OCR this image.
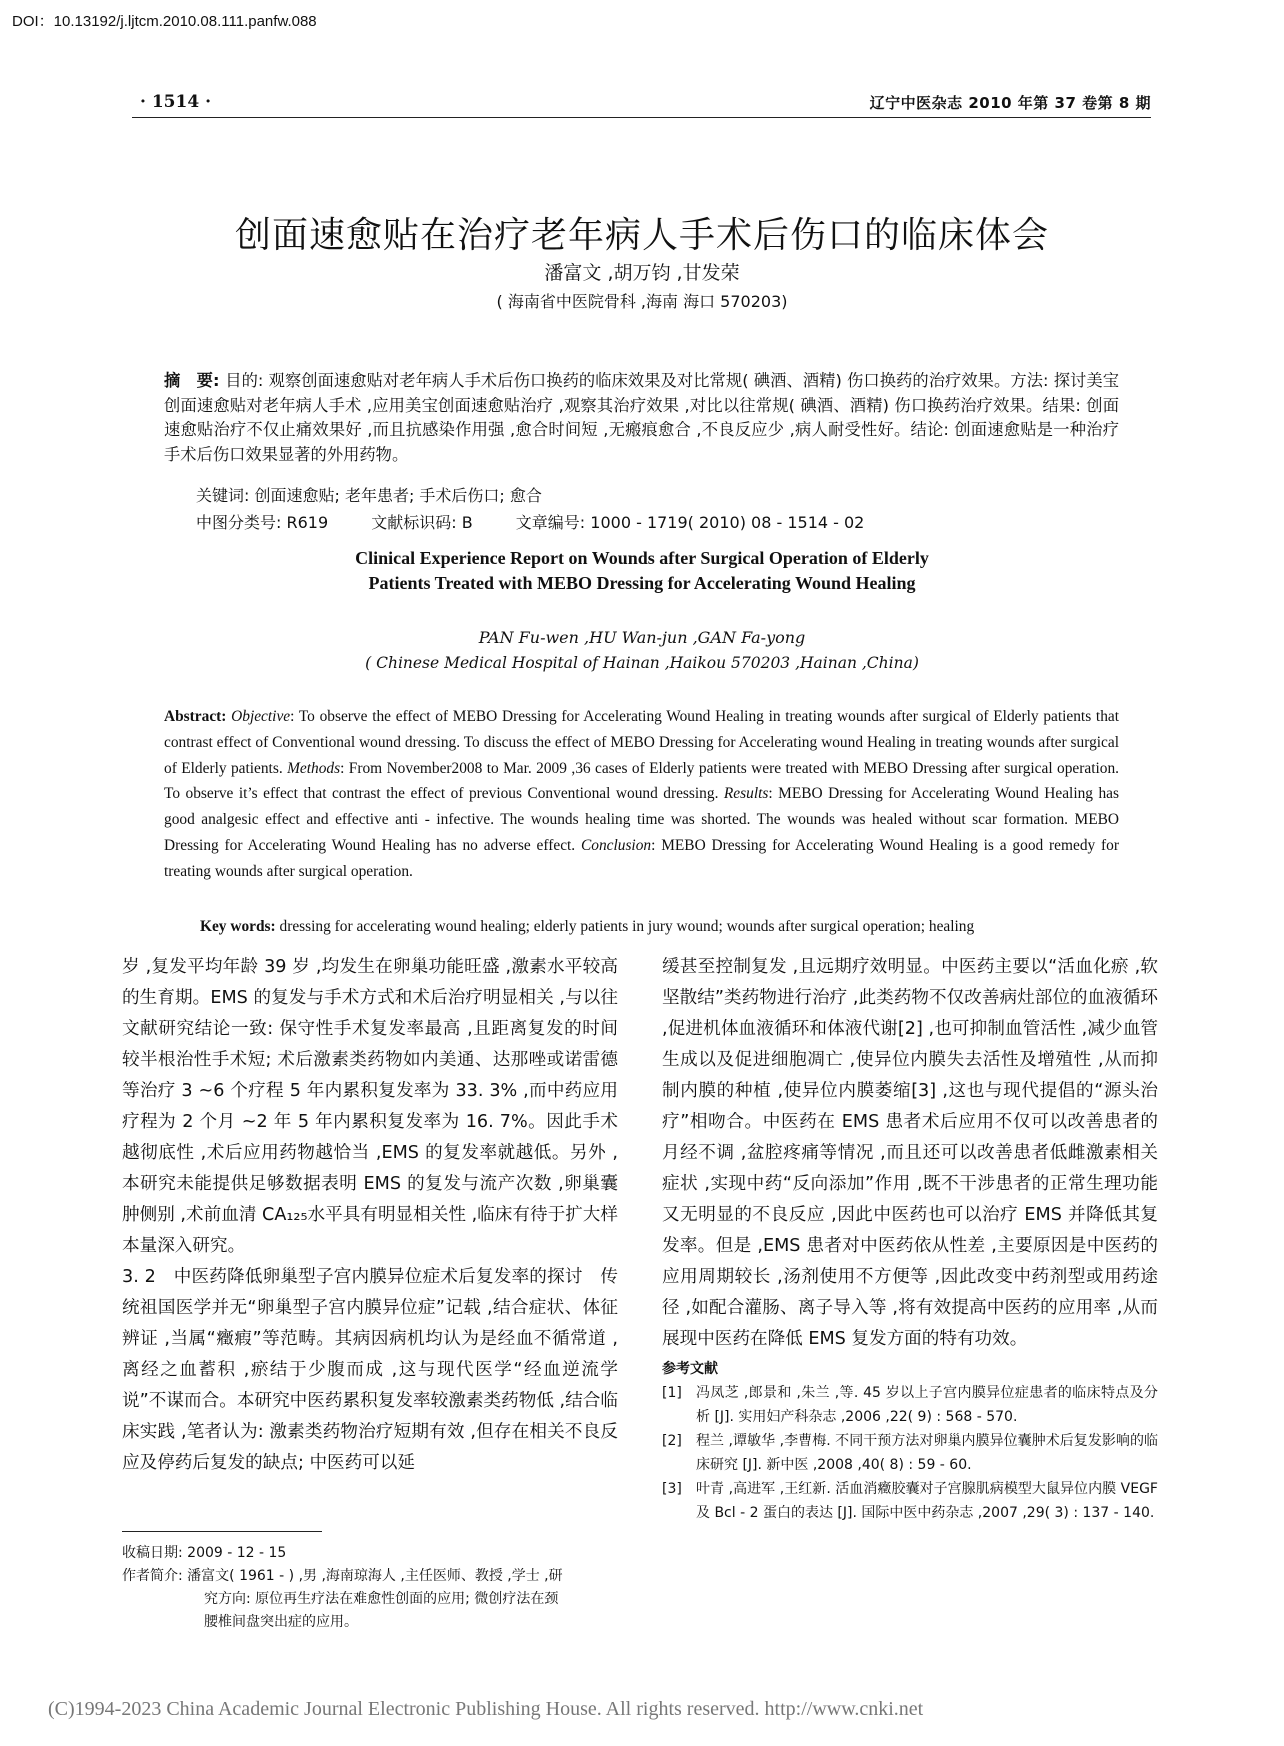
DOI：10.13192/j.ljtcm.2010.08.111.panfw.088
· 1514 ·	辽宁中医杂志 2010 年第 37 卷第 8 期
创面速愈贴在治疗老年病人手术后伤口的临床体会
潘富文 ,胡万钧 ,甘发荣
( 海南省中医院骨科 ,海南 海口 570203)
摘　要: 目的: 观察创面速愈贴对老年病人手术后伤口换药的临床效果及对比常规( 碘酒、酒精) 伤口换药的治疗效果。方法: 探讨美宝创面速愈贴对老年病人手术 ,应用美宝创面速愈贴治疗 ,观察其治疗效果 ,对比以往常规( 碘酒、酒精) 伤口换药治疗效果。结果: 创面速愈贴治疗不仅止痛效果好 ,而且抗感染作用强 ,愈合时间短 ,无瘢痕愈合 ,不良反应少 ,病人耐受性好。结论: 创面速愈贴是一种治疗手术后伤口效果显著的外用药物。
关键词: 创面速愈贴; 老年患者; 手术后伤口; 愈合
中图分类号: R619	文献标识码: B	文章编号: 1000 - 1719( 2010) 08 - 1514 - 02
Clinical Experience Report on Wounds after Surgical Operation of Elderly
Patients Treated with MEBO Dressing for Accelerating Wound Healing
PAN Fu-wen ,HU Wan-jun ,GAN Fa-yong
( Chinese Medical Hospital of Hainan ,Haikou 570203 ,Hainan ,China)
Abstract: Objective: To observe the effect of MEBO Dressing for Accelerating Wound Healing in treating wounds after surgical of Elderly patients that contrast effect of Conventional wound dressing. To discuss the effect of MEBO Dressing for Accelerating wound Healing in treating wounds after surgical of Elderly patients. Methods: From November2008 to Mar. 2009 ,36 cases of Elderly patients were treated with MEBO Dressing after surgical operation. To observe it’s effect that contrast the effect of previous Conventional wound dressing. Results: MEBO Dressing for Accelerating Wound Healing has good analgesic effect and effective anti - infective. The wounds healing time was shorted. The wounds was healed without scar formation. MEBO Dressing for Accelerating Wound Healing has no adverse effect. Conclusion: MEBO Dressing for Accelerating Wound Healing is a good remedy for treating wounds after surgical operation.
Key words: dressing for accelerating wound healing; elderly patients in jury wound; wounds after surgical operation; healing

岁 ,复发平均年龄 39 岁 ,均发生在卵巢功能旺盛 ,激素水平较高的生育期。EMS 的复发与手术方式和术后治疗明显相关 ,与以往文献研究结论一致: 保守性手术复发率最高 ,且距离复发的时间较半根治性手术短; 术后激素类药物如内美通、达那唑或诺雷德等治疗 3 ~6 个疗程 5 年内累积复发率为 33. 3% ,而中药应用疗程为 2 个月 ~2 年 5 年内累积复发率为 16. 7%。因此手术越彻底性 ,术后应用药物越恰当 ,EMS 的复发率就越低。另外 ,本研究未能提供足够数据表明 EMS 的复发与流产次数 ,卵巢囊肿侧别 ,术前血清 CA₁₂₅水平具有明显相关性 ,临床有待于扩大样本量深入研究。

3. 2　中医药降低卵巢型子宫内膜异位症术后复发率的探讨　传统祖国医学并无“卵巢型子宫内膜异位症”记载 ,结合症状、体征辨证 ,当属“癥瘕”等范畴。其病因病机均认为是经血不循常道 ,离经之血蓄积 ,瘀结于少腹而成 ,这与现代医学“经血逆流学说”不谋而合。本研究中医药累积复发率较激素类药物低 ,结合临床实践 ,笔者认为: 激素类药物治疗短期有效 ,但存在相关不良反应及停药后复发的缺点; 中医药可以延

缓甚至控制复发 ,且远期疗效明显。中医药主要以“活血化瘀 ,软坚散结”类药物进行治疗 ,此类药物不仅改善病灶部位的血液循环 ,促进机体血液循环和体液代谢[2] ,也可抑制血管活性 ,减少血管生成以及促进细胞凋亡 ,使异位内膜失去活性及增殖性 ,从而抑制内膜的种植 ,使异位内膜萎缩[3] ,这也与现代提倡的“源头治疗”相吻合。中医药在 EMS 患者术后应用不仅可以改善患者的月经不调 ,盆腔疼痛等情况 ,而且还可以改善患者低雌激素相关症状 ,实现中药“反向添加”作用 ,既不干涉患者的正常生理功能又无明显的不良反应 ,因此中医药也可以治疗 EMS 并降低其复发率。但是 ,EMS 患者对中医药依从性差 ,主要原因是中医药的应用周期较长 ,汤剂使用不方便等 ,因此改变中药剂型或用药途径 ,如配合灌肠、离子导入等 ,将有效提高中医药的应用率 ,从而展现中医药在降低 EMS 复发方面的特有功效。

参考文献
[1]	冯凤芝 ,郎景和 ,朱兰 ,等. 45 岁以上子宫内膜异位症患者的临床特点及分析 [J]. 实用妇产科杂志 ,2006 ,22( 9) : 568 - 570.
[2]	程兰 ,谭敏华 ,李曹梅. 不同干预方法对卵巢内膜异位囊肿术后复发影响的临床研究 [J]. 新中医 ,2008 ,40( 8) : 59 - 60.
[3]	叶青 ,高进军 ,王红新. 活血消癥胶囊对子宫腺肌病模型大鼠异位内膜 VEGF 及 Bcl - 2 蛋白的表达 [J]. 国际中医中药杂志 ,2007 ,29( 3) : 137 - 140.
收稿日期: 2009 - 12 - 15
作者简介: 潘富文( 1961 - ) ,男 ,海南琼海人 ,主任医师、教授 ,学士 ,研
究方向: 原位再生疗法在难愈性创面的应用; 微创疗法在颈
腰椎间盘突出症的应用。
(C)1994-2023 China Academic Journal Electronic Publishing House. All rights reserved. http://www.cnki.net
